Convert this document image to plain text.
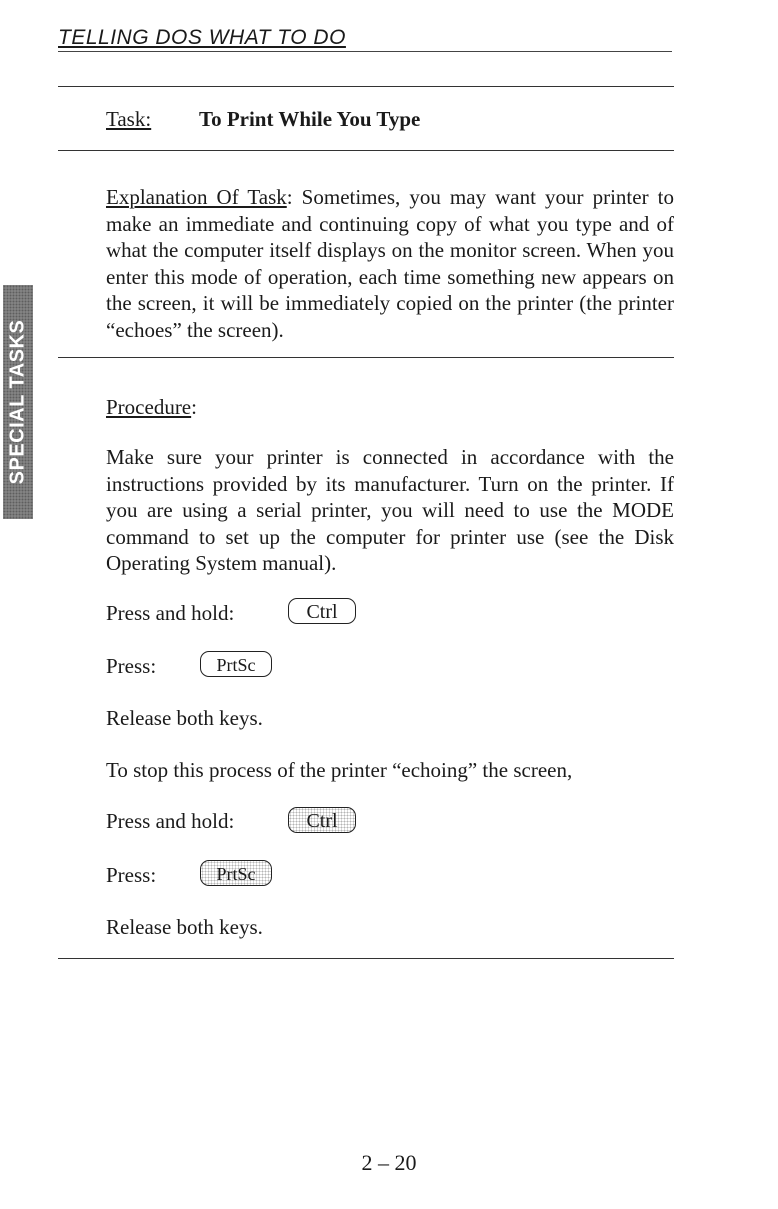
TELLING DOS WHAT TO DO
Task: To Print While You Type
Explanation Of Task: Sometimes, you may want your printer to make an immediate and continuing copy of what you type and of what the computer itself displays on the monitor screen. When you enter this mode of operation, each time something new appears on the screen, it will be immediately copied on the printer (the printer “echoes” the screen).
SPECIAL TASKS	Procedure:
Make sure your printer is connected in accordance with the instructions provided by its manufacturer. Turn on the printer. If you are using a serial printer, you will need to use the MODE command to set up the computer for printer use (see the Disk Operating System manual).
Press and hold:	Ctrl
Press:	PrtSc
Release both keys.
To stop this process of the printer “echoing” the screen,
Press and hold:	Ctrl
Press:	PrtSc
Release both keys.
2 – 20
